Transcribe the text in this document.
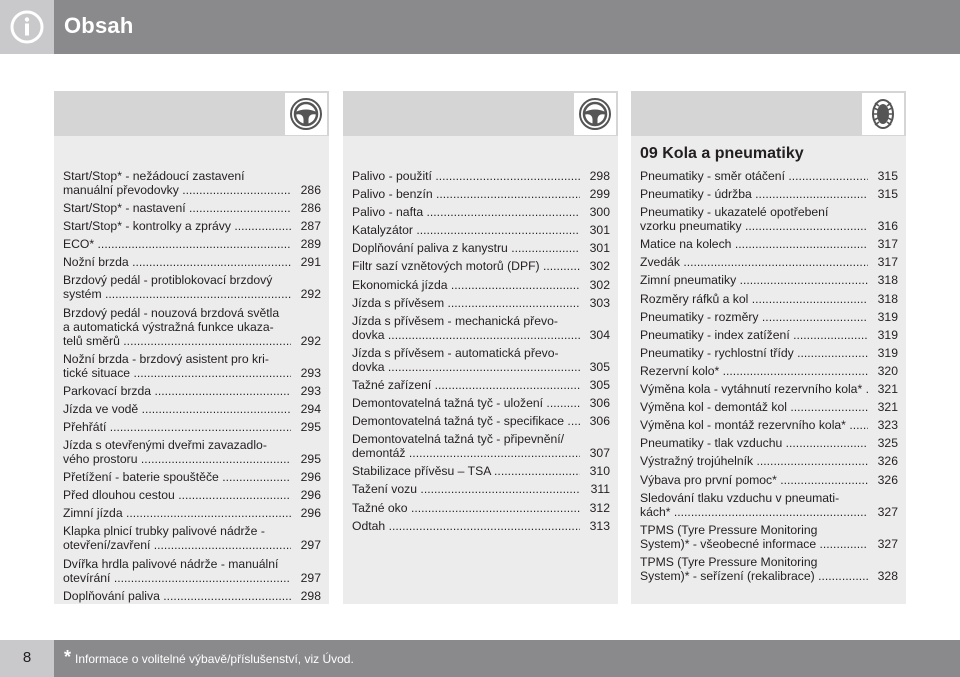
Obsah
Start/Stop* - nežádoucí zastavení
manuální převodovky .....	286
Start/Stop* - nastavení .....	286
Start/Stop* - kontrolky a zprávy .....	287
ECO* .....	289
Nožní brzda .....	291
Brzdový pedál - protiblokovací brzdový
systém .....	292
Brzdový pedál - nouzová brzdová světla
a automatická výstražná funkce ukaza-
telů směrů .....	292
Nožní brzda - brzdový asistent pro kri-
tické situace .....	293
Parkovací brzda .....	293
Jízda ve vodě .....	294
Přehřátí .....	295
Jízda s otevřenými dveřmi zavazadlo-
vého prostoru .....	295
Přetížení - baterie spouštěče .....	296
Před dlouhou cestou .....	296
Zimní jízda .....	296
Klapka plnicí trubky palivové nádrže -
otevření/zavření .....	297
Dvířka hrdla palivové nádrže - manuální
otevírání .....	297
Doplňování paliva .....	298
Palivo - použití .....	298
Palivo - benzín .....	299
Palivo - nafta .....	300
Katalyzátor .....	301
Doplňování paliva z kanystru .....	301
Filtr sazí vznětových motorů (DPF) .....	302
Ekonomická jízda .....	302
Jízda s přívěsem .....	303
Jízda s přívěsem - mechanická převo-
dovka .....	304
Jízda s přívěsem - automatická převo-
dovka .....	305
Tažné zařízení .....	305
Demontovatelná tažná tyč - uložení .....	306
Demontovatelná tažná tyč - specifikace .....	306
Demontovatelná tažná tyč - připevnění/
demontáž .....	307
Stabilizace přívěsu – TSA .....	310
Tažení vozu .....	311
Tažné oko .....	312
Odtah .....	313
09 Kola a pneumatiky
Pneumatiky - směr otáčení .....	315
Pneumatiky - údržba .....	315
Pneumatiky - ukazatelé opotřebení
vzorku pneumatiky .....	316
Matice na kolech .....	317
Zvedák .....	317
Zimní pneumatiky .....	318
Rozměry ráfků a kol .....	318
Pneumatiky - rozměry .....	319
Pneumatiky - index zatížení .....	319
Pneumatiky - rychlostní třídy .....	319
Rezervní kolo* .....	320
Výměna kola - vytáhnutí rezervního kola* .....	321
Výměna kol - demontáž kol .....	321
Výměna kol - montáž rezervního kola* .....	323
Pneumatiky - tlak vzduchu .....	325
Výstražný trojúhelník .....	326
Výbava pro první pomoc* .....	326
Sledování tlaku vzduchu v pneumati-
kách* .....	327
TPMS (Tyre Pressure Monitoring
System)* - všeobecné informace .....	327
TPMS (Tyre Pressure Monitoring
System)* - seřízení (rekalibrace) .....	328
8	* Informace o volitelné výbavě/příslušenství, viz Úvod.
